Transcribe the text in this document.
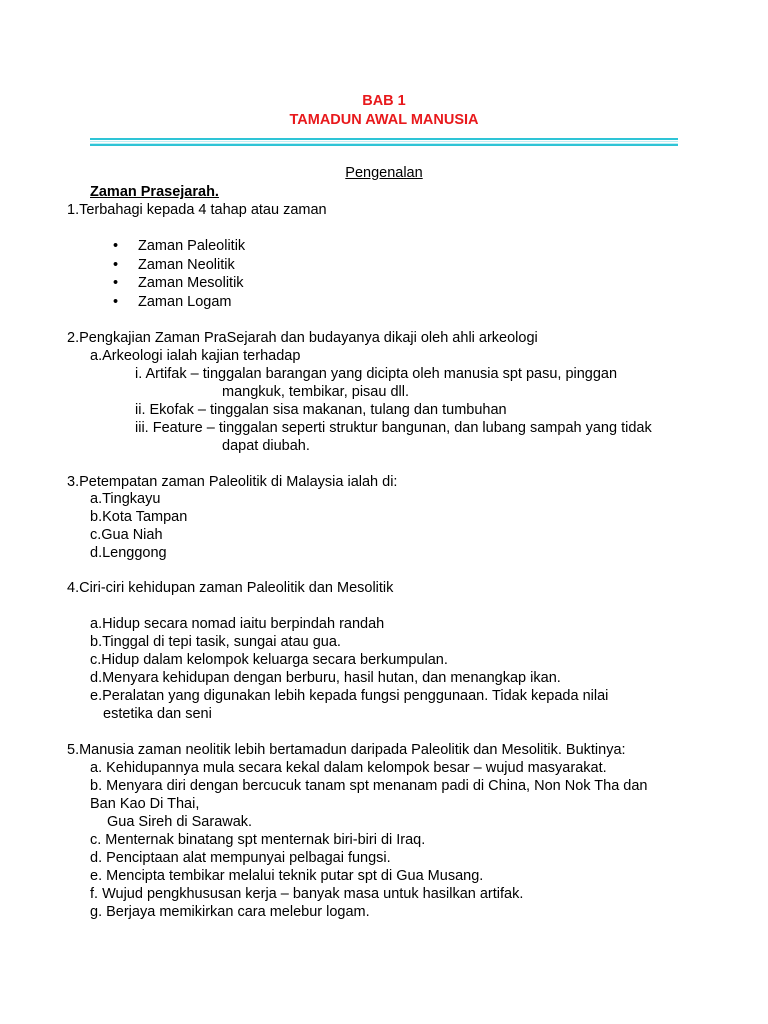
BAB 1
TAMADUN AWAL MANUSIA
Pengenalan
Zaman Prasejarah.
1.Terbahagi kepada 4 tahap atau zaman
• Zaman Paleolitik
• Zaman Neolitik
• Zaman Mesolitik
• Zaman Logam
2.Pengkajian Zaman PraSejarah dan budayanya dikaji oleh ahli arkeologi
a.Arkeologi ialah kajian terhadap
i. Artifak – tinggalan barangan yang dicipta oleh manusia spt pasu, pinggan
mangkuk, tembikar, pisau dll.
ii. Ekofak – tinggalan sisa makanan, tulang dan tumbuhan
iii. Feature – tinggalan seperti struktur bangunan, dan lubang sampah yang tidak
dapat diubah.
3.Petempatan zaman Paleolitik di Malaysia ialah di:
a.Tingkayu
b.Kota Tampan
c.Gua Niah
d.Lenggong
4.Ciri-ciri kehidupan zaman Paleolitik dan Mesolitik
a.Hidup secara nomad iaitu berpindah randah
b.Tinggal di tepi tasik, sungai atau gua.
c.Hidup dalam kelompok keluarga secara berkumpulan.
d.Menyara kehidupan dengan berburu, hasil hutan, dan menangkap ikan.
e.Peralatan yang digunakan lebih kepada fungsi penggunaan. Tidak kepada nilai
estetika dan seni
5.Manusia zaman neolitik lebih bertamadun daripada Paleolitik dan Mesolitik. Buktinya:
a. Kehidupannya mula secara kekal dalam kelompok besar – wujud masyarakat.
b. Menyara diri dengan bercucuk tanam spt menanam padi di China, Non Nok Tha dan
Ban Kao Di Thai,
Gua Sireh di Sarawak.
c. Menternak binatang spt menternak biri-biri di Iraq.
d. Penciptaan alat mempunyai pelbagai fungsi.
e. Mencipta tembikar melalui teknik putar spt di Gua Musang.
f. Wujud pengkhususan kerja – banyak masa untuk hasilkan artifak.
g. Berjaya memikirkan cara melebur logam.
